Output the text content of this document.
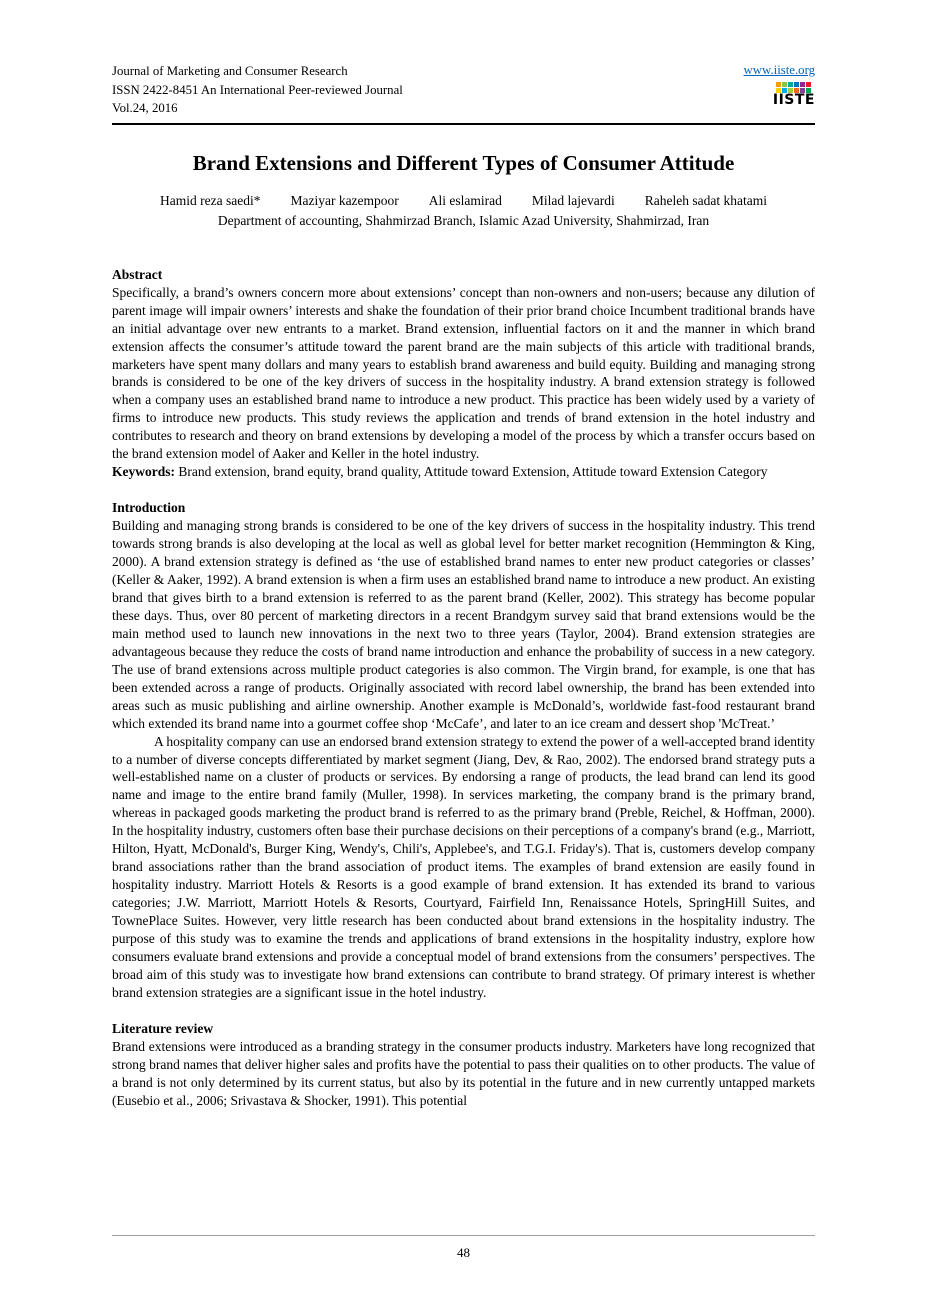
Journal of Marketing and Consumer Research
ISSN 2422-8451 An International Peer-reviewed Journal
Vol.24, 2016
www.iiste.org
IISTE
Brand Extensions and Different Types of Consumer Attitude
Hamid reza saedi* Maziyar kazempoor Ali eslamirad Milad lajevardi Raheleh sadat khatami
Department of accounting, Shahmirzad Branch, Islamic Azad University, Shahmirzad, Iran
Abstract

Specifically, a brand’s owners concern more about extensions’ concept than non-owners and non-users; because any dilution of parent image will impair owners’ interests and shake the foundation of their prior brand choice Incumbent traditional brands have an initial advantage over new entrants to a market. Brand extension, influential factors on it and the manner in which brand extension affects the consumer’s attitude toward the parent brand are the main subjects of this article with traditional brands, marketers have spent many dollars and many years to establish brand awareness and build equity. Building and managing strong brands is considered to be one of the key drivers of success in the hospitality industry. A brand extension strategy is followed when a company uses an established brand name to introduce a new product. This practice has been widely used by a variety of firms to introduce new products. This study reviews the application and trends of brand extension in the hotel industry and contributes to research and theory on brand extensions by developing a model of the process by which a transfer occurs based on the brand extension model of Aaker and Keller in the hotel industry.

Keywords: Brand extension, brand equity, brand quality, Attitude toward Extension, Attitude toward Extension Category

Introduction

Building and managing strong brands is considered to be one of the key drivers of success in the hospitality industry. This trend towards strong brands is also developing at the local as well as global level for better market recognition (Hemmington & King, 2000). A brand extension strategy is defined as ‘the use of established brand names to enter new product categories or classes’ (Keller & Aaker, 1992). A brand extension is when a firm uses an established brand name to introduce a new product. An existing brand that gives birth to a brand extension is referred to as the parent brand (Keller, 2002). This strategy has become popular these days. Thus, over 80 percent of marketing directors in a recent Brandgym survey said that brand extensions would be the main method used to launch new innovations in the next two to three years (Taylor, 2004). Brand extension strategies are advantageous because they reduce the costs of brand name introduction and enhance the probability of success in a new category. The use of brand extensions across multiple product categories is also common. The Virgin brand, for example, is one that has been extended across a range of products. Originally associated with record label ownership, the brand has been extended into areas such as music publishing and airline ownership. Another example is McDonald’s, worldwide fast-food restaurant brand which extended its brand name into a gourmet coffee shop ‘McCafe’, and later to an ice cream and dessert shop 'McTreat.’

A hospitality company can use an endorsed brand extension strategy to extend the power of a well-accepted brand identity to a number of diverse concepts differentiated by market segment (Jiang, Dev, & Rao, 2002). The endorsed brand strategy puts a well-established name on a cluster of products or services. By endorsing a range of products, the lead brand can lend its good name and image to the entire brand family (Muller, 1998). In services marketing, the company brand is the primary brand, whereas in packaged goods marketing the product brand is referred to as the primary brand (Preble, Reichel, & Hoffman, 2000). In the hospitality industry, customers often base their purchase decisions on their perceptions of a company's brand (e.g., Marriott, Hilton, Hyatt, McDonald's, Burger King, Wendy's, Chili's, Applebee's, and T.G.I. Friday's). That is, customers develop company brand associations rather than the brand association of product items. The examples of brand extension are easily found in hospitality industry. Marriott Hotels & Resorts is a good example of brand extension. It has extended its brand to various categories; J.W. Marriott, Marriott Hotels & Resorts, Courtyard, Fairfield Inn, Renaissance Hotels, SpringHill Suites, and TownePlace Suites. However, very little research has been conducted about brand extensions in the hospitality industry. The purpose of this study was to examine the trends and applications of brand extensions in the hospitality industry, explore how consumers evaluate brand extensions and provide a conceptual model of brand extensions from the consumers’ perspectives. The broad aim of this study was to investigate how brand extensions can contribute to brand strategy. Of primary interest is whether brand extension strategies are a significant issue in the hotel industry.

Literature review

Brand extensions were introduced as a branding strategy in the consumer products industry. Marketers have long recognized that strong brand names that deliver higher sales and profits have the potential to pass their qualities on to other products. The value of a brand is not only determined by its current status, but also by its potential in the future and in new currently untapped markets (Eusebio et al., 2006; Srivastava & Shocker, 1991). This potential

48
